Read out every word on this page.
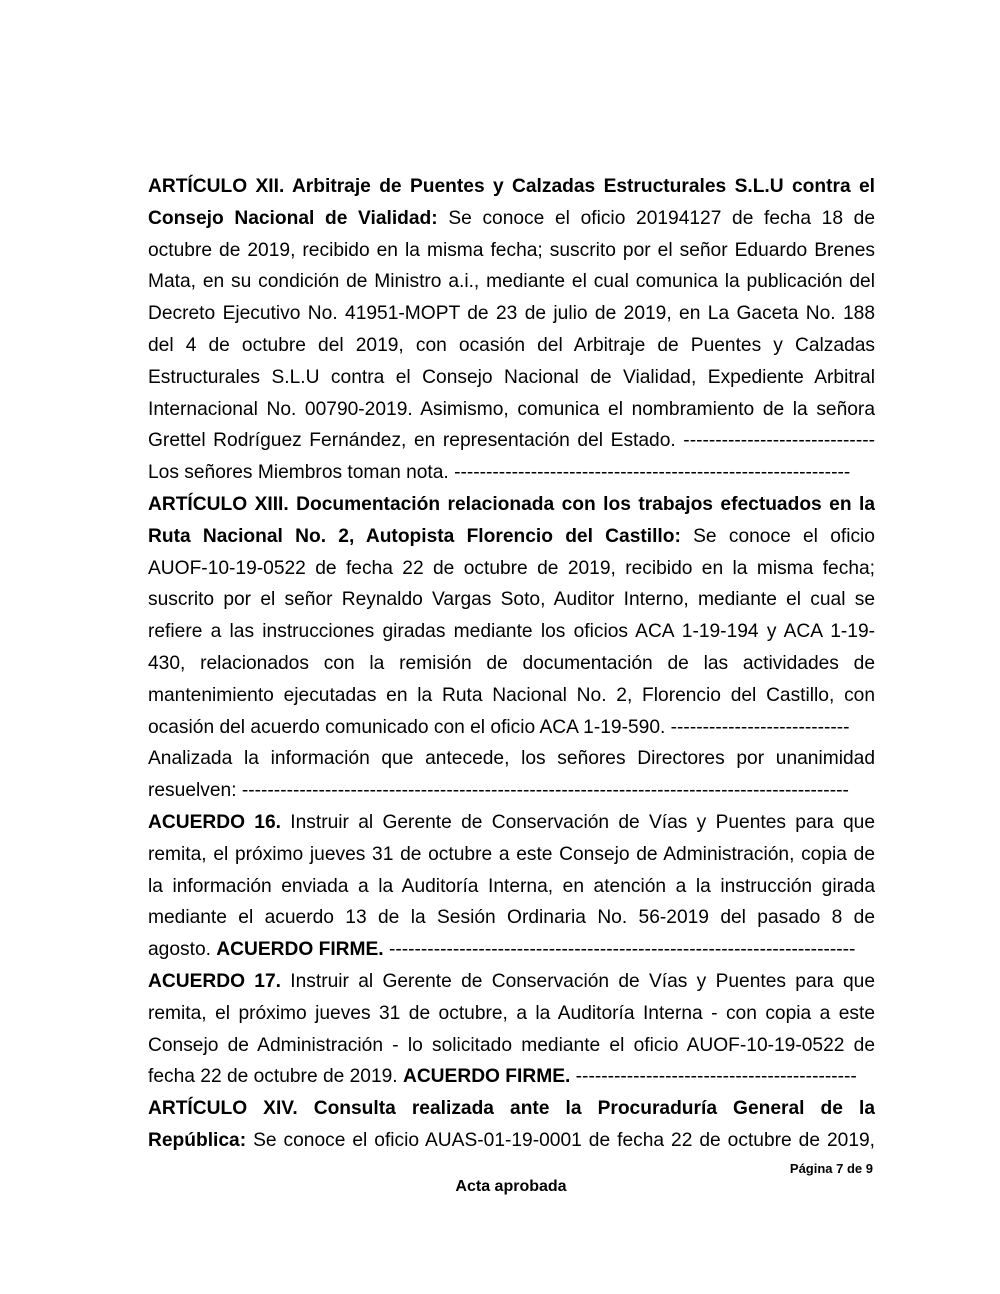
ARTÍCULO XII. Arbitraje de Puentes y Calzadas Estructurales S.L.U contra el
Consejo Nacional de Vialidad: Se conoce el oficio 20194127 de fecha 18 de
octubre de 2019, recibido en la misma fecha; suscrito por el señor Eduardo Brenes
Mata, en su condición de Ministro a.i., mediante el cual comunica la publicación del
Decreto Ejecutivo No. 41951-MOPT de 23 de julio de 2019, en La Gaceta No. 188
del 4 de octubre del 2019, con ocasión del Arbitraje de Puentes y Calzadas
Estructurales S.L.U contra el Consejo Nacional de Vialidad, Expediente Arbitral
Internacional No. 00790-2019. Asimismo, comunica el nombramiento de la señora
Grettel Rodríguez Fernández, en representación del Estado. ------------------------------
Los señores Miembros toman nota. --------------------------------------------------------------
ARTÍCULO XIII. Documentación relacionada con los trabajos efectuados en la
Ruta Nacional No. 2, Autopista Florencio del Castillo: Se conoce el oficio
AUOF-10-19-0522 de fecha 22 de octubre de 2019, recibido en la misma fecha;
suscrito por el señor Reynaldo Vargas Soto, Auditor Interno, mediante el cual se
refiere a las instrucciones giradas mediante los oficios ACA 1-19-194 y ACA 1-19-
430, relacionados con la remisión de documentación de las actividades de
mantenimiento ejecutadas en la Ruta Nacional No. 2, Florencio del Castillo, con
ocasión del acuerdo comunicado con el oficio ACA 1-19-590. ----------------------------
Analizada la información que antecede, los señores Directores por unanimidad
resuelven: -----------------------------------------------------------------------------------------------
ACUERDO 16. Instruir al Gerente de Conservación de Vías y Puentes para que
remita, el próximo jueves 31 de octubre a este Consejo de Administración, copia de
la información enviada a la Auditoría Interna, en atención a la instrucción girada
mediante el acuerdo 13 de la Sesión Ordinaria No. 56-2019 del pasado 8 de
agosto. ACUERDO FIRME. -------------------------------------------------------------------------
ACUERDO 17. Instruir al Gerente de Conservación de Vías y Puentes para que
remita, el próximo jueves 31 de octubre, a la Auditoría Interna - con copia a este
Consejo de Administración - lo solicitado mediante el oficio AUOF-10-19-0522 de
fecha 22 de octubre de 2019. ACUERDO FIRME. --------------------------------------------
ARTÍCULO XIV. Consulta realizada ante la Procuraduría General de la
República: Se conoce el oficio AUAS-01-19-0001 de fecha 22 de octubre de 2019,
Página 7 de 9
Acta aprobada
